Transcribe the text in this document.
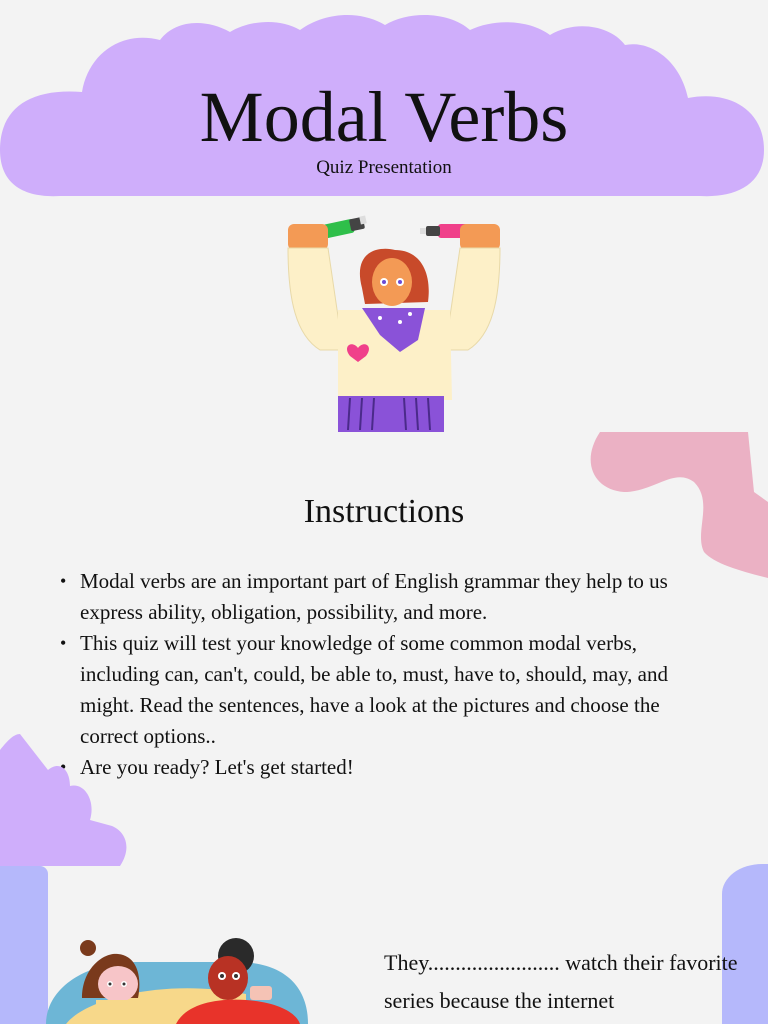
Modal Verbs

Quiz Presentation

Instructions
• Modal verbs are an important part of English grammar they help to us express ability, obligation, possibility, and more.
• This quiz will test your knowledge of some common modal verbs, including can, can't, could, be able to, must, have to, should, may, and might. Read the sentences, have a look at the pictures and choose the correct options..
• Are you ready? Let's get started!

They........................ watch their favorite series because the internet
